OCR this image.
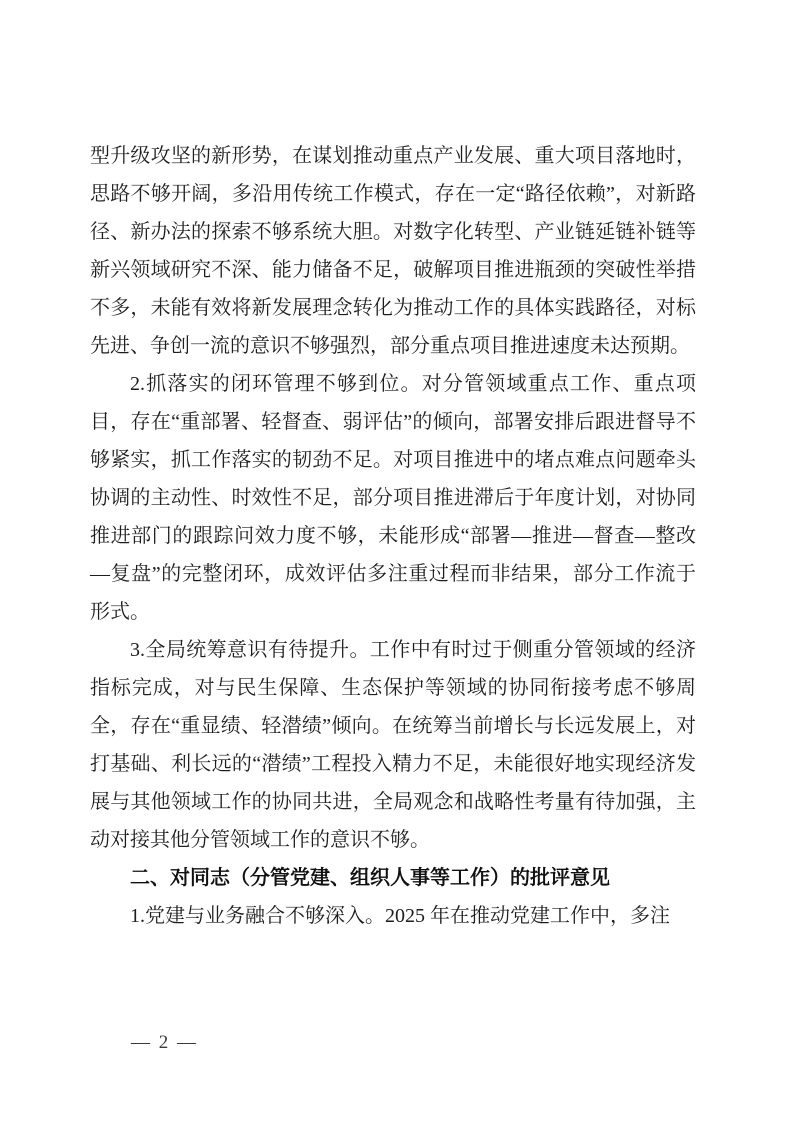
型升级攻坚的新形势，在谋划推动重点产业发展、重大项目落地时，思路不够开阔，多沿用传统工作模式，存在一定“路径依赖”，对新路径、新办法的探索不够系统大胆。对数字化转型、产业链延链补链等新兴领域研究不深、能力储备不足，破解项目推进瓶颈的突破性举措不多，未能有效将新发展理念转化为推动工作的具体实践路径，对标先进、争创一流的意识不够强烈，部分重点项目推进速度未达预期。

2.抓落实的闭环管理不够到位。对分管领域重点工作、重点项目，存在“重部署、轻督查、弱评估”的倾向，部署安排后跟进督导不够紧实，抓工作落实的韧劲不足。对项目推进中的堵点难点问题牵头协调的主动性、时效性不足，部分项目推进滞后于年度计划，对协同推进部门的跟踪问效力度不够，未能形成“部署—推进—督查—整改—复盘”的完整闭环，成效评估多注重过程而非结果，部分工作流于形式。

3.全局统筹意识有待提升。工作中有时过于侧重分管领域的经济指标完成，对与民生保障、生态保护等领域的协同衔接考虑不够周全，存在“重显绩、轻潜绩”倾向。在统筹当前增长与长远发展上，对打基础、利长远的“潜绩”工程投入精力不足，未能很好地实现经济发展与其他领域工作的协同共进，全局观念和战略性考量有待加强，主动对接其他分管领域工作的意识不够。

二、对同志（分管党建、组织人事等工作）的批评意见

1.党建与业务融合不够深入。2025 年在推动党建工作中，多注

— 2 —
